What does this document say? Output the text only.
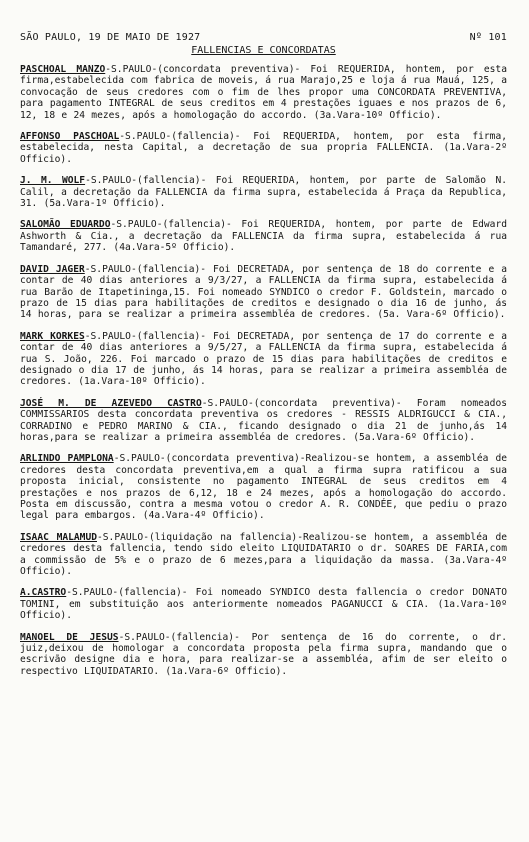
SÃO PAULO, 19 DE MAIO DE 1927	Nº 101
FALLENCIAS E CONCORDATAS

PASCHOAL MANZO-S.PAULO-(concordata preventiva)- Foi REQUERIDA, hontem, por esta firma,estabelecida com fabrica de moveis, á rua Marajo,25 e loja á rua Mauá, 125, a convocação de seus credores com o fim de lhes propor uma CONCORDATA PREVENTIVA, para pagamento INTEGRAL de seus creditos em 4 prestações iguaes e nos prazos de 6, 12, 18 e 24 mezes, após a homologação do accordo. (3a.Vara-10º Officio).

AFFONSO PASCHOAL-S.PAULO-(fallencia)- Foi REQUERIDA, hontem, por esta firma, estabelecida, nesta Capital, a decretação de sua propria FALLENCIA. (1a.Vara-2º Officio).

J. M. WOLF-S.PAULO-(fallencia)- Foi REQUERIDA, hontem, por parte de Salomão N. Calil, a decretação da FALLENCIA da firma supra, estabelecida á Praça da Republica, 31. (5a.Vara-1º Officio).

SALOMÃO EDUARDO-S.PAULO-(fallencia)- Foi REQUERIDA, hontem, por parte de Edward Ashworth & Cia., a decretação da FALLENCIA da firma supra, estabelecida á rua Tamandaré, 277. (4a.Vara-5º Officio).

DAVID JAGER-S.PAULO-(fallencia)- Foi DECRETADA, por sentença de 18 do corrente e a contar de 40 dias anteriores a 9/3/27, a FALLENCIA da firma supra, estabelecida á rua Barão de Itapetininga,15. Foi nomeado SYNDICO o credor F. Goldstein, marcado o prazo de 15 dias para habilitações de creditos e designado o dia 16 de junho, ás 14 horas, para se realizar a primeira assembléa de credores. (5a. Vara-6º Officio).

MARK KORKES-S.PAULO-(fallencia)- Foi DECRETADA, por sentença de 17 do corrente e a contar de 40 dias anteriores a 9/5/27, a FALLENCIA da firma supra, estabelecida á rua S. João, 226. Foi marcado o prazo de 15 dias para habilitações de creditos e designado o dia 17 de junho, ás 14 horas, para se realizar a primeira assembléa de credores. (1a.Vara-10º Officio).

JOSÉ M. DE AZEVEDO CASTRO-S.PAULO-(concordata preventiva)- Foram nomeados COMMISSARIOS desta concordata preventiva os credores - RESSIS ALDRIGUCCI & CIA., CORRADINO e PEDRO MARINO & CIA., ficando designado o dia 21 de junho,ás 14 horas,para se realizar a primeira assembléa de credores. (5a.Vara-6º Officio).

ARLINDO PAMPLONA-S.PAULO-(concordata preventiva)-Realizou-se hontem, a assembléa de credores desta concordata preventiva,em a qual a firma supra ratificou a sua proposta inicial, consistente no pagamento INTEGRAL de seus creditos em 4 prestações e nos prazos de 6,12, 18 e 24 mezes, após a homologação do accordo. Posta em discussão, contra a mesma votou o credor A. R. CONDÉE, que pediu o prazo legal para embargos. (4a.Vara-4º Officio).

ISAAC MALAMUD-S.PAULO-(liquidação na fallencia)-Realizou-se hontem, a assembléa de credores desta fallencia, tendo sido eleito LIQUIDATARIO o dr. SOARES DE FARIA,com a commissão de 5% e o prazo de 6 mezes,para a liquidação da massa. (3a.Vara-4º Officio).

A.CASTRO-S.PAULO-(fallencia)- Foi nomeado SYNDICO desta fallencia o credor DONATO TOMINI, em substituição aos anteriormente nomeados PAGANUCCI & CIA. (1a.Vara-10º Officio).

MANOEL DE JESUS-S.PAULO-(fallencia)- Por sentença de 16 do corrente, o dr. juiz,deixou de homologar a concordata proposta pela firma supra, mandando que o escrivão designe dia e hora, para realizar-se a assembléa, afim de ser eleito o respectivo LIQUIDATARIO. (1a.Vara-6º Officio).
